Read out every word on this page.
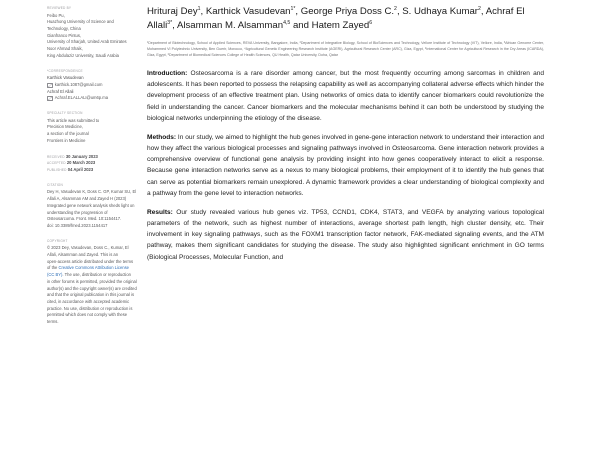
REVIEWED BY
Feibo Pu,
Huazhong University of Science and
Technology, China
Gianfranco Pintus,
University of Sharjah, United Arab Emirates
Noor Ahmad Shaik,
King Abdulaziz University, Saudi Arabia
*CORRESPONDENCE
Karthick Vasudevan
karthick.1087@gmail.com
Achraf El Allali
Achraf.ELALLALI@um6p.ma
SPECIALTY SECTION
This article was submitted to
Precision Medicine,
a section of the journal
Frontiers in Medicine
RECEIVED 30 January 2023
ACCEPTED 20 March 2023
PUBLISHED 04 April 2023
CITATION
Dey H, Vasudevan K, Doss C. GP, Kumar SU, El
Allali A, Alsamman AM and Zayed H (2023)
Integrated gene network analysis sheds light on
understanding the progression of
Osteosarcoma. Front. Med. 10:1154417.
doi: 10.3389/fmed.2023.1154417
COPYRIGHT
© 2023 Dey, Vasudevan, Doss C., Kumar, El
Allali, Alsamman and Zayed. This is an
open-access article distributed under the terms
of the Creative Commons Attribution License
(CC BY). The use, distribution or reproduction
in other forums is permitted, provided the original author(s) and the copyright owner(s) are credited and that the original publication in this journal is cited, in accordance with accepted academic practice. No use, distribution or reproduction is permitted which does not comply with these terms.
Hrituraj Dey$^1$, Karthick Vasudevan$^{1*}$, George Priya Doss C.$^2$, S. Udhaya Kumar$^2$, Achraf El Allali$^{3*}$, Alsamman M. Alsamman$^{4,5}$ and Hatem Zayed$^6$

¹Department of Biotechnology, School of Applied Sciences, REVA University, Bangalore, India, ²Department of Integrative Biology, School of BioSciences and Technology, Vellore Institute of Technology (VIT), Vellore, India, ³African Genome Center, Mohammed VI Polytechnic University, Ben Guerir, Morocco, ⁴Agricultural Genetic Engineering Research Institute (AGERI), Agricultural Research Center (ARC), Giza, Egypt, ⁵International Center for Agricultural Research in the Dry Areas (ICARDA), Giza, Egypt, ⁶Department of Biomedical Sciences College of Health Sciences, QU Health, Qatar University, Doha, Qatar

Introduction: Osteosarcoma is a rare disorder among cancer, but the most frequently occurring among sarcomas in children and adolescents. It has been reported to possess the relapsing capability as well as accompanying collateral adverse effects which hinder the development process of an effective treatment plan. Using networks of omics data to identify cancer biomarkers could revolutionize the field in understanding the cancer. Cancer biomarkers and the molecular mechanisms behind it can both be understood by studying the biological networks underpinning the etiology of the disease.

Methods: In our study, we aimed to highlight the hub genes involved in gene-gene interaction network to understand their interaction and how they affect the various biological processes and signaling pathways involved in Osteosarcoma. Gene interaction network provides a comprehensive overview of functional gene analysis by providing insight into how genes cooperatively interact to elicit a response. Because gene interaction networks serve as a nexus to many biological problems, their employment of it to identify the hub genes that can serve as potential biomarkers remain unexplored. A dynamic framework provides a clear understanding of biological complexity and a pathway from the gene level to interaction networks.

Results: Our study revealed various hub genes viz. TP53, CCND1, CDK4, STAT3, and VEGFA by analyzing various topological parameters of the network, such as highest number of interactions, average shortest path length, high cluster density, etc. Their involvement in key signaling pathways, such as the FOXM1 transcription factor network, FAK-mediated signaling events, and the ATM pathway, makes them significant candidates for studying the disease. The study also highlighted significant enrichment in GO terms (Biological Processes, Molecular Function, and
